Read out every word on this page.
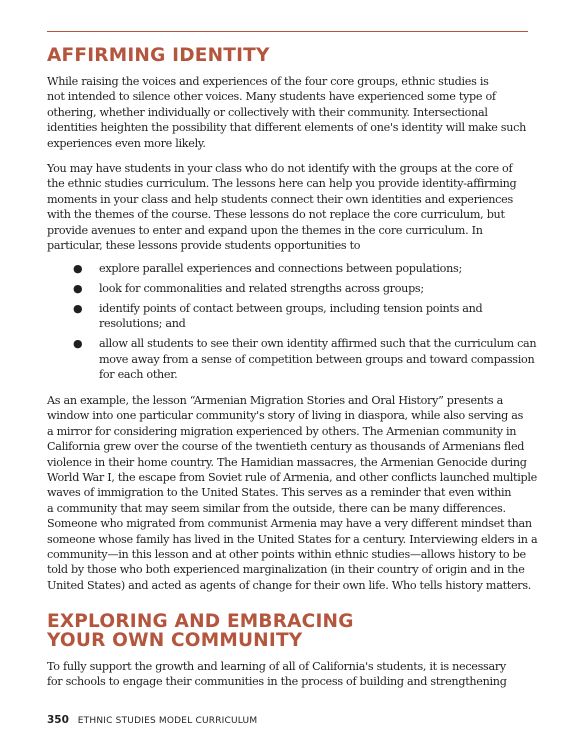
AFFIRMING IDENTITY

While raising the voices and experiences of the four core groups, ethnic studies is
not intended to silence other voices. Many students have experienced some type of
othering, whether individually or collectively with their community. Intersectional
identities heighten the possibility that different elements of one's identity will make such
experiences even more likely.

You may have students in your class who do not identify with the groups at the core of
the ethnic studies curriculum. The lessons here can help you provide identity-affirming
moments in your class and help students connect their own identities and experiences
with the themes of the course. These lessons do not replace the core curriculum, but
provide avenues to enter and expand upon the themes in the core curriculum. In
particular, these lessons provide students opportunities to

● explore parallel experiences and connections between populations;
● look for commonalities and related strengths across groups;
● identify points of contact between groups, including tension points and
resolutions; and
● allow all students to see their own identity affirmed such that the curriculum can
move away from a sense of competition between groups and toward compassion
for each other.

As an example, the lesson “Armenian Migration Stories and Oral History” presents a
window into one particular community's story of living in diaspora, while also serving as
a mirror for considering migration experienced by others. The Armenian community in
California grew over the course of the twentieth century as thousands of Armenians fled
violence in their home country. The Hamidian massacres, the Armenian Genocide during
World War I, the escape from Soviet rule of Armenia, and other conflicts launched multiple
waves of immigration to the United States. This serves as a reminder that even within
a community that may seem similar from the outside, there can be many differences.
Someone who migrated from communist Armenia may have a very different mindset than
someone whose family has lived in the United States for a century. Interviewing elders in a
community—in this lesson and at other points within ethnic studies—allows history to be
told by those who both experienced marginalization (in their country of origin and in the
United States) and acted as agents of change for their own life. Who tells history matters.

EXPLORING AND EMBRACING
YOUR OWN COMMUNITY

To fully support the growth and learning of all of California's students, it is necessary
for schools to engage their communities in the process of building and strengthening

350 ETHNIC STUDIES MODEL CURRICULUM
